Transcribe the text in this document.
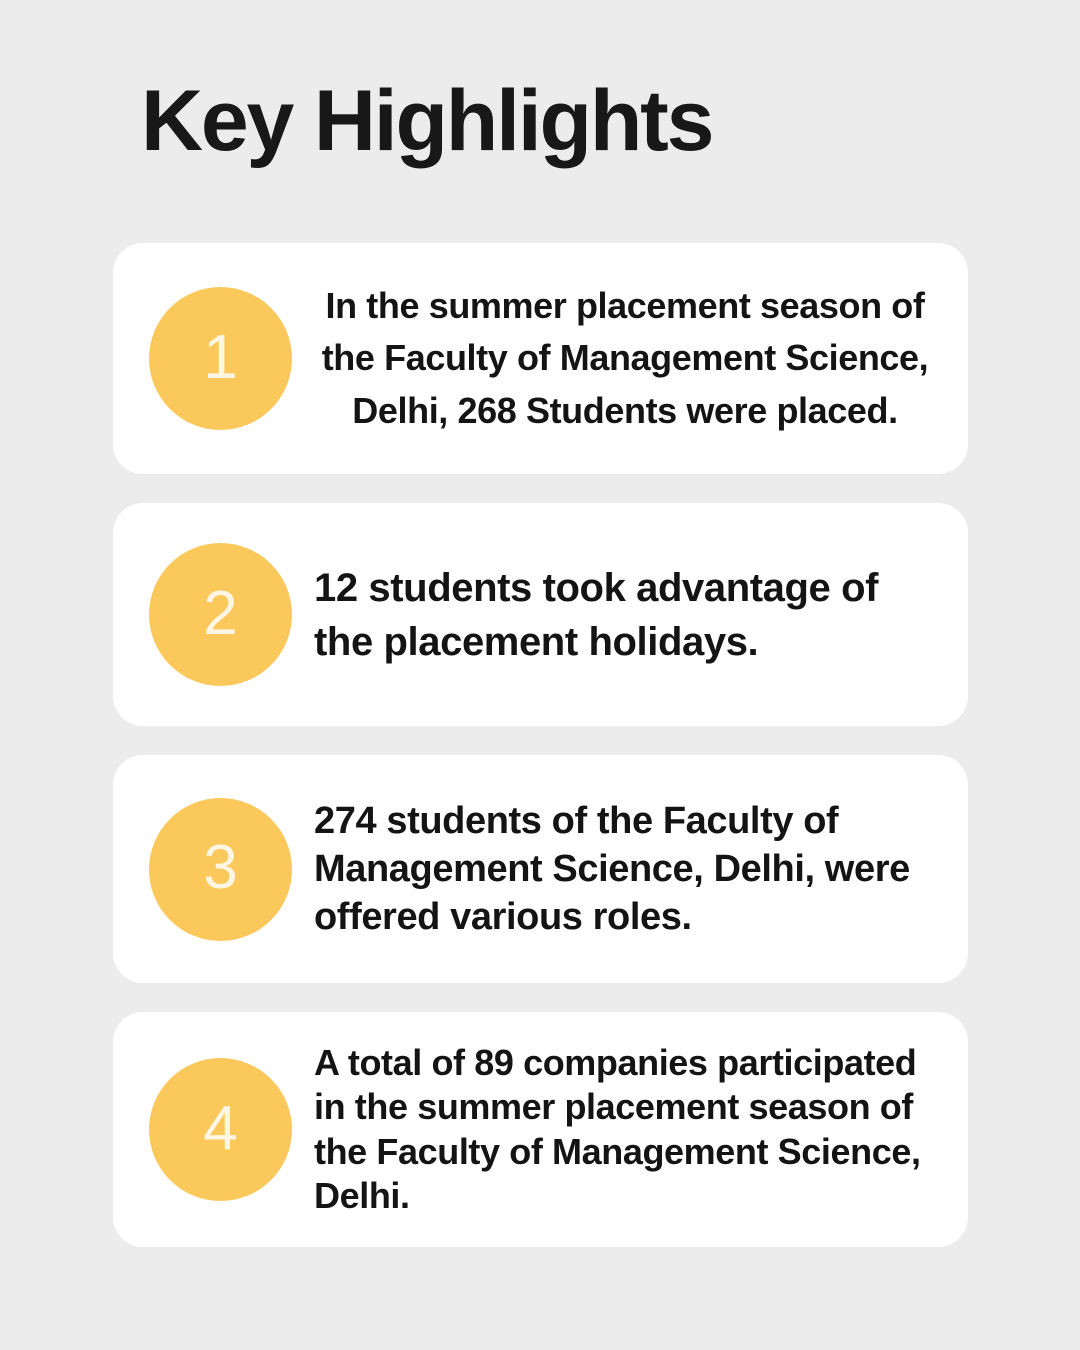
Key Highlights
1

In the summer placement season of the Faculty of Management Science, Delhi, 268 Students were placed.

2	12 students took advantage of the placement holidays.

3

274 students of the Faculty of Management Science, Delhi, were offered various roles.

4

A total of 89 companies participated in the summer placement season of the Faculty of Management Science, Delhi.
